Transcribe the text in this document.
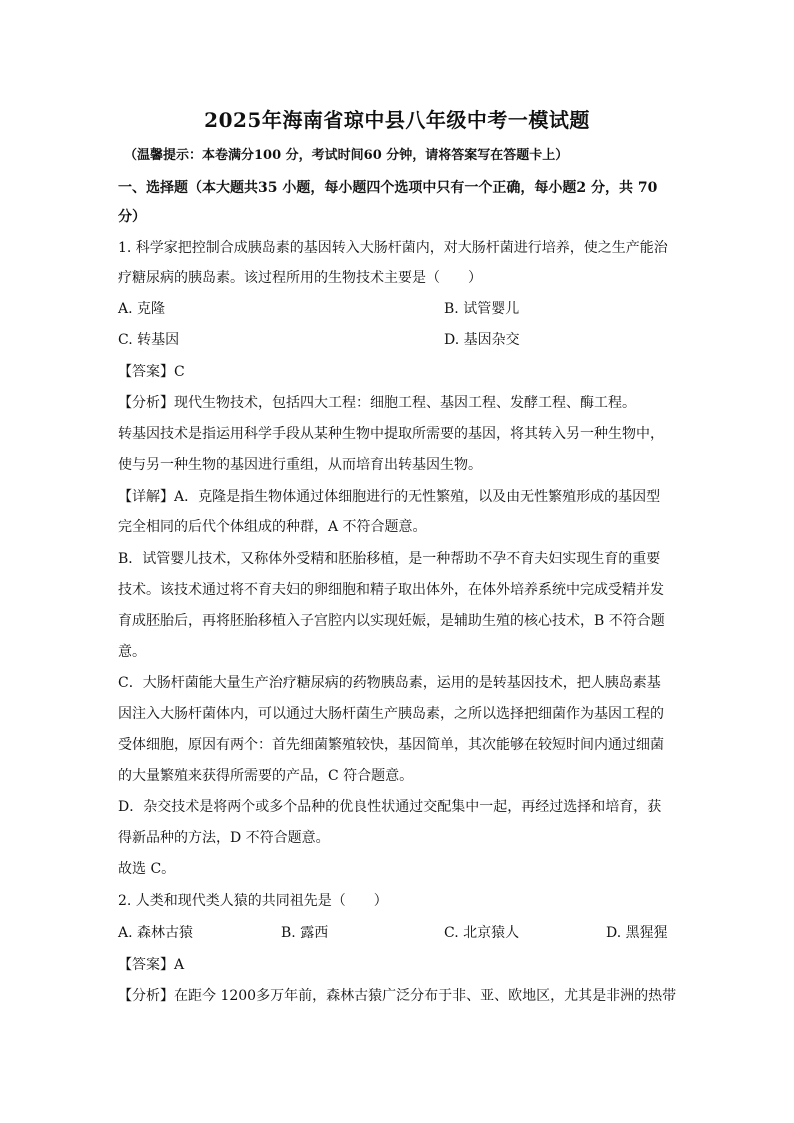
2025年海南省琼中县八年级中考一模试题
（温馨提示：本卷满分100 分，考试时间60 分钟，请将答案写在答题卡上）
一、选择题（本大题共35 小题，每小题四个选项中只有一个正确，每小题2 分，共 70
分）
1. 科学家把控制合成胰岛素的基因转入大肠杆菌内，对大肠杆菌进行培养，使之生产能治
疗糖尿病的胰岛素。该过程所用的生物技术主要是（　　）
A. 克隆	B. 试管婴儿
C. 转基因	D. 基因杂交
【答案】C
【分析】现代生物技术，包括四大工程：细胞工程、基因工程、发酵工程、酶工程。
转基因技术是指运用科学手段从某种生物中提取所需要的基因，将其转入另一种生物中，
使与另一种生物的基因进行重组，从而培育出转基因生物。
【详解】A．克隆是指生物体通过体细胞进行的无性繁殖，以及由无性繁殖形成的基因型
完全相同的后代个体组成的种群，A 不符合题意。
B．试管婴儿技术，又称体外受精和胚胎移植，是一种帮助不孕不育夫妇实现生育的重要
技术。该技术通过将不育夫妇的卵细胞和精子取出体外，在体外培养系统中完成受精并发
育成胚胎后，再将胚胎移植入子宫腔内以实现妊娠，是辅助生殖的核心技术，B 不符合题
意。
C．大肠杆菌能大量生产治疗糖尿病的药物胰岛素，运用的是转基因技术，把人胰岛素基
因注入大肠杆菌体内，可以通过大肠杆菌生产胰岛素，之所以选择把细菌作为基因工程的
受体细胞，原因有两个：首先细菌繁殖较快，基因简单，其次能够在较短时间内通过细菌
的大量繁殖来获得所需要的产品，C 符合题意。
D．杂交技术是将两个或多个品种的优良性状通过交配集中一起，再经过选择和培育，获
得新品种的方法，D 不符合题意。
故选 C。
2. 人类和现代类人猿的共同祖先是（　　）
A. 森林古猿	B. 露西	C. 北京猿人	D. 黑猩猩
【答案】A
【分析】在距今 1200多万年前，森林古猿广泛分布于非、亚、欧地区，尤其是非洲的热带
